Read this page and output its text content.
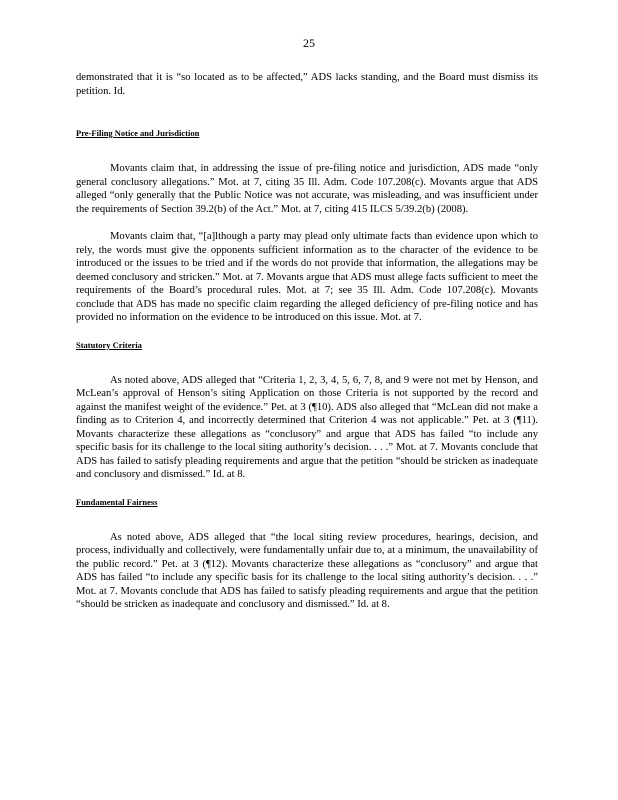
25

demonstrated that it is “so located as to be affected,” ADS lacks standing, and the Board must dismiss its petition. Id.

Pre-Filing Notice and Jurisdiction

Movants claim that, in addressing the issue of pre-filing notice and jurisdiction, ADS made “only general conclusory allegations.” Mot. at 7, citing 35 Ill. Adm. Code 107.208(c). Movants argue that ADS alleged “only generally that the Public Notice was not accurate, was misleading, and was insufficient under the requirements of Section 39.2(b) of the Act.” Mot. at 7, citing 415 ILCS 5/39.2(b) (2008).

Movants claim that, “[a]lthough a party may plead only ultimate facts than evidence upon which to rely, the words must give the opponents sufficient information as to the character of the evidence to be introduced or the issues to be tried and if the words do not provide that information, the allegations may be deemed conclusory and stricken.” Mot. at 7. Movants argue that ADS must allege facts sufficient to meet the requirements of the Board’s procedural rules. Mot. at 7; see 35 Ill. Adm. Code 107.208(c). Movants conclude that ADS has made no specific claim regarding the alleged deficiency of pre-filing notice and has provided no information on the evidence to be introduced on this issue. Mot. at 7.

Statutory Criteria

As noted above, ADS alleged that “Criteria 1, 2, 3, 4, 5, 6, 7, 8, and 9 were not met by Henson, and McLean’s approval of Henson’s siting Application on those Criteria is not supported by the record and against the manifest weight of the evidence.” Pet. at 3 (¶10). ADS also alleged that “McLean did not make a finding as to Criterion 4, and incorrectly determined that Criterion 4 was not applicable.” Pet. at 3 (¶11). Movants characterize these allegations as “conclusory” and argue that ADS has failed “to include any specific basis for its challenge to the local siting authority’s decision. . . .” Mot. at 7. Movants conclude that ADS has failed to satisfy pleading requirements and argue that the petition “should be stricken as inadequate and conclusory and dismissed.” Id. at 8.

Fundamental Fairness

As noted above, ADS alleged that “the local siting review procedures, hearings, decision, and process, individually and collectively, were fundamentally unfair due to, at a minimum, the unavailability of the public record.” Pet. at 3 (¶12). Movants characterize these allegations as “conclusory” and argue that ADS has failed “to include any specific basis for its challenge to the local siting authority’s decision. . . .” Mot. at 7. Movants conclude that ADS has failed to satisfy pleading requirements and argue that the petition “should be stricken as inadequate and conclusory and dismissed.” Id. at 8.
